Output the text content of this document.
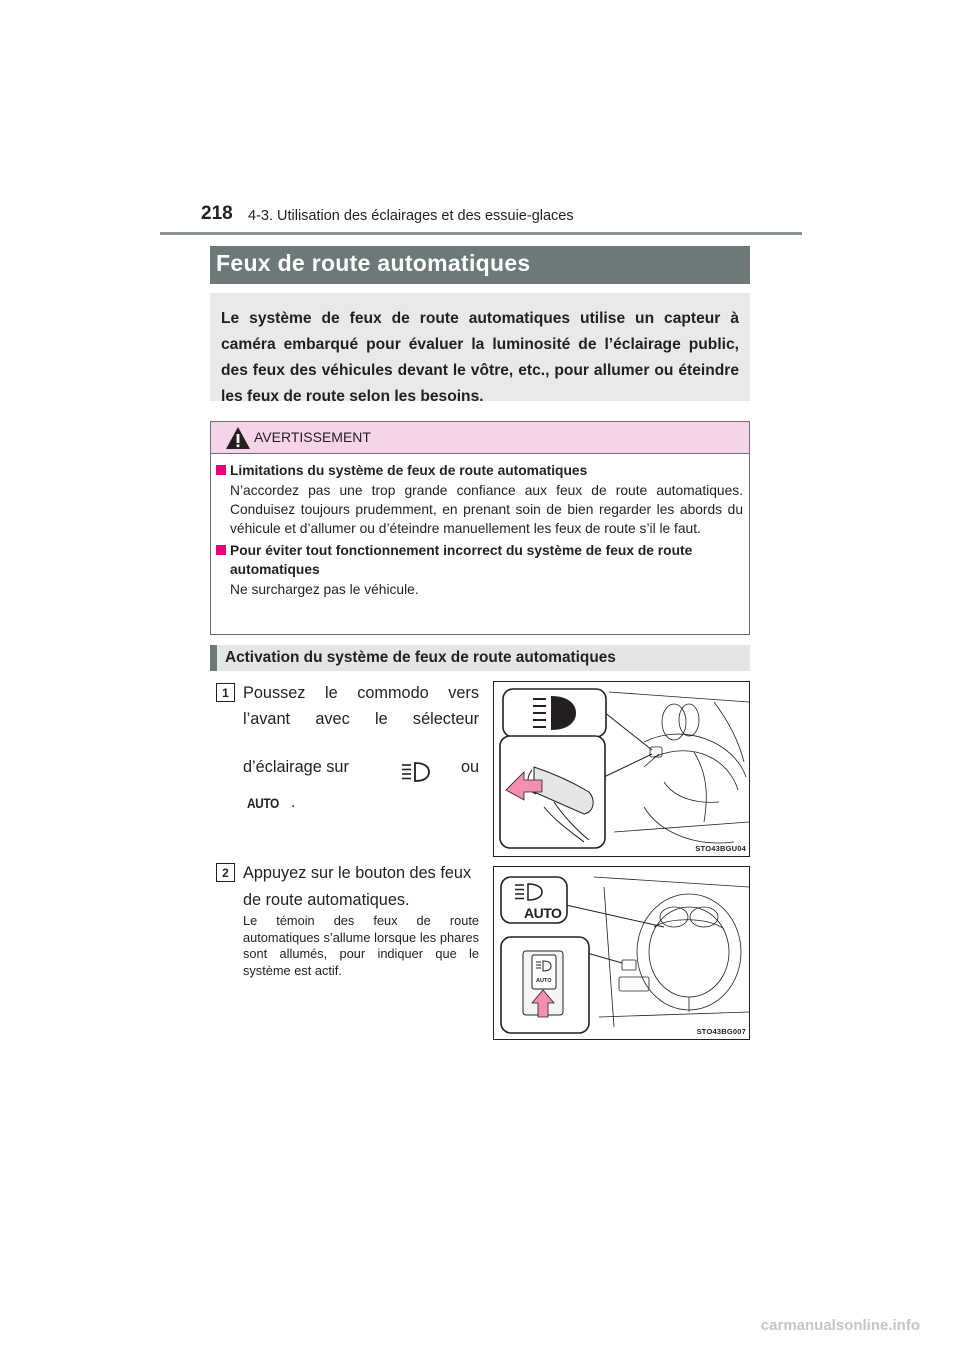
218 4-3. Utilisation des éclairages et des essuie-glaces
Feux de route automatiques

Le système de feux de route automatiques utilise un capteur à caméra embarqué pour évaluer la luminosité de l’éclairage public, des feux des véhicules devant le vôtre, etc., pour allumer ou éteindre les feux de route selon les besoins.

AVERTISSEMENT
Limitations du système de feux de route automatiques
N’accordez pas une trop grande confiance aux feux de route automatiques. Conduisez toujours prudemment, en prenant soin de bien regarder les abords du véhicule et d’allumer ou d’éteindre manuellement les feux de route s’il le faut.
Pour éviter tout fonctionnement incorrect du système de feux de route automatiques
Ne surchargez pas le véhicule.
Activation du système de feux de route automatiques
1 Poussez le commodo vers
l’avant avec le sélecteur
d’éclairage sur	ou
AUTO .
STO43BGU04
2 Appuyez sur le bouton des feux de route automatiques.
Le témoin des feux de route automatiques s’allume lorsque les phares sont allumés, pour indiquer que le système est actif.
AUTO
AUTO
STO43BG007
carmanualsonline.info
